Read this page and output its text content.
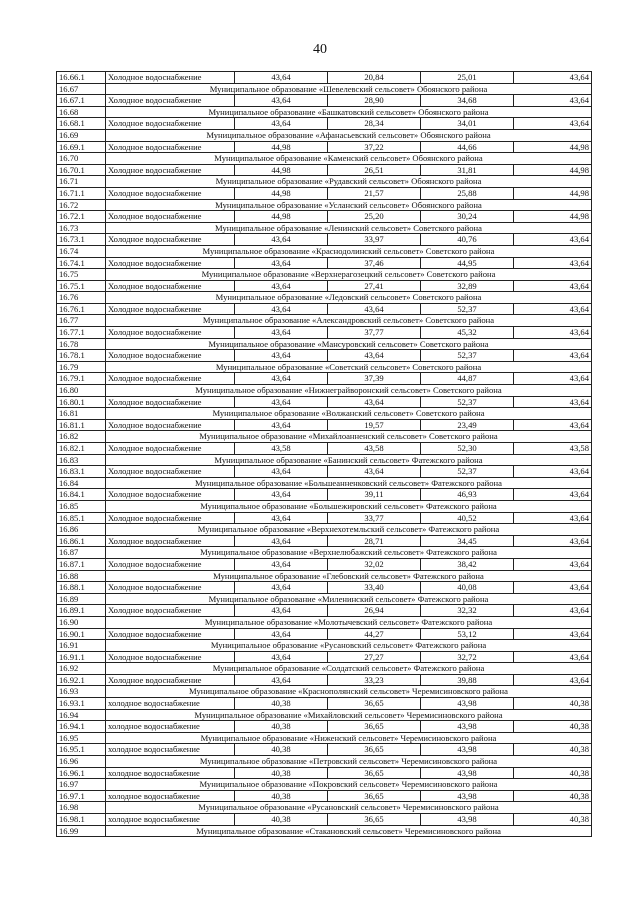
40
16.66.1	Холодное водоснабжение	43,64	20,84	25,01	43,64
16.67	Муниципальное образование «Шевелевский сельсовет» Обоянского района				
16.67.1	Холодное водоснабжение	43,64	28,90	34,68	43,64
16.68	Муниципальное образование «Башкатовский сельсовет» Обоянского района				
16.68.1	Холодное водоснабжение	43,64	28,34	34,01	43,64
16.69	Муниципальное образование «Афанасьевский сельсовет» Обоянского района				
16.69.1	Холодное водоснабжение	44,98	37,22	44,66	44,98
16.70	Муниципальное образование «Каменский сельсовет» Обоянского района				
16.70.1	Холодное водоснабжение	44,98	26,51	31,81	44,98
16.71	Муниципальное образование «Рудавский сельсовет» Обоянского района				
16.71.1	Холодное водоснабжение	44,98	21,57	25,88	44,98
16.72	Муниципальное образование «Усланский сельсовет» Обоянского района				
16.72.1	Холодное водоснабжение	44,98	25,20	30,24	44,98
16.73	Муниципальное образование «Ленинский сельсовет» Советского района				
16.73.1	Холодное водоснабжение	43,64	33,97	40,76	43,64
16.74	Муниципальное образование «Краснодолинский сельсовет» Советского района				
16.74.1	Холодное водоснабжение	43,64	37,46	44,95	43,64
16.75	Муниципальное образование «Верхнерагозецкий сельсовет» Советского района				
16.75.1	Холодное водоснабжение	43,64	27,41	32,89	43,64
16.76	Муниципальное образование «Ледовский сельсовет» Советского района				
16.76.1	Холодное водоснабжение	43,64	43,64	52,37	43,64
16.77	Муниципальное образование «Александровский сельсовет» Советского района				
16.77.1	Холодное водоснабжение	43,64	37,77	45,32	43,64
16.78	Муниципальное образование «Мансуровский сельсовет» Советского района				
16.78.1	Холодное водоснабжение	43,64	43,64	52,37	43,64
16.79	Муниципальное образование «Советский сельсовет» Советского района				
16.79.1	Холодное водоснабжение	43,64	37,39	44,87	43,64
16.80	Муниципальное образование «Нижнеграйворонский сельсовет» Советского района				
16.80.1	Холодное водоснабжение	43,64	43,64	52,37	43,64
16.81	Муниципальное образование «Волжанский сельсовет» Советского района				
16.81.1	Холодное водоснабжение	43,64	19,57	23,49	43,64
16.82	Муниципальное образование «Михайлоанненский сельсовет» Советского района				
16.82.1	Холодное водоснабжение	43,58	43,58	52,30	43,58
16.83	Муниципальное образование «Банинский сельсовет» Фатежского района				
16.83.1	Холодное водоснабжение	43,64	43,64	52,37	43,64
16.84	Муниципальное образование «Большеанненковский сельсовет» Фатежского района				
16.84.1	Холодное водоснабжение	43,64	39,11	46,93	43,64
16.85	Муниципальное образование «Большежировский сельсовет» Фатежского района				
16.85.1	Холодное водоснабжение	43,64	33,77	40,52	43,64
16.86	Муниципальное образование «Верхнехотемльский сельсовет» Фатежского района				
16.86.1	Холодное водоснабжение	43,64	28,71	34,45	43,64
16.87	Муниципальное образование «Верхнелюбажский сельсовет» Фатежского района				
16.87.1	Холодное водоснабжение	43,64	32,02	38,42	43,64
16.88	Муниципальное образование «Глебовский сельсовет» Фатежского района				
16.88.1	Холодное водоснабжение	43,64	33,40	40,08	43,64
16.89	Муниципальное образование «Миленинский сельсовет» Фатежского района				
16.89.1	Холодное водоснабжение	43,64	26,94	32,32	43,64
16.90	Муниципальное образование «Молотычевский сельсовет» Фатежского района				
16.90.1	Холодное водоснабжение	43,64	44,27	53,12	43,64
16.91	Муниципальное образование «Русановский сельсовет» Фатежского района				
16.91.1	Холодное водоснабжение	43,64	27,27	32,72	43,64
16.92	Муниципальное образование «Солдатский сельсовет» Фатежского района				
16.92.1	Холодное водоснабжение	43,64	33,23	39,88	43,64
16.93	Муниципальное образование «Краснополянский сельсовет» Черемисиновского района				
16.93.1	холодное водоснабжение	40,38	36,65	43,98	40,38
16.94	Муниципальное образование «Михайловский сельсовет» Черемисиновского района				
16.94.1	холодное водоснабжение	40,38	36,65	43,98	40,38
16.95	Муниципальное образование «Ниженский сельсовет» Черемисиновского района				
16.95.1	холодное водоснабжение	40,38	36,65	43,98	40,38
16.96	Муниципальное образование «Петровский сельсовет» Черемисиновского района				
16.96.1	холодное водоснабжение	40,38	36,65	43,98	40,38
16.97	Муниципальное образование «Покровский сельсовет» Черемисиновского района				
16.97.1	холодное водоснабжение	40,38	36,65	43,98	40,38
16.98	Муниципальное образование «Русановский сельсовет» Черемисиновского района				
16.98.1	холодное водоснабжение	40,38	36,65	43,98	40,38
16.99	Муниципальное образование «Стакановский сельсовет» Черемисиновского района				
